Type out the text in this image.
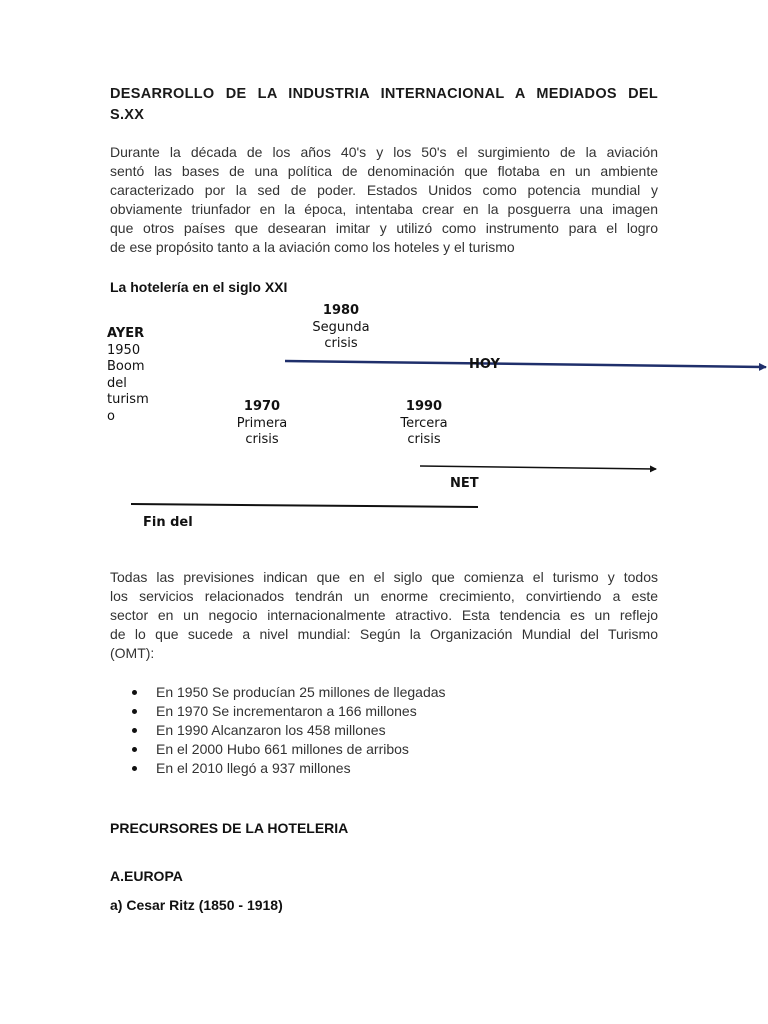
DESARROLLO DE LA INDUSTRIA INTERNACIONAL A MEDIADOS DEL
S.XX
Durante la década de los años 40's y los 50's el surgimiento de la aviación
sentó las bases de una política de denominación que flotaba en un ambiente
caracterizado por la sed de poder. Estados Unidos como potencia mundial y
obviamente triunfador en la época, intentaba crear en la posguerra una imagen
que otros países que desearan imitar y utilizó como instrumento para el logro
de ese propósito tanto a la aviación como los hoteles y el turismo
La hotelería en el siglo XXI
AYER
1950
Boom
del
turism
o
1980
Segunda
crisis
1970
Primera
crisis
1990
Tercera
crisis
HOY
NET
Fin del
Todas las previsiones indican que en el siglo que comienza el turismo y todos
los servicios relacionados tendrán un enorme crecimiento, convirtiendo a este
sector en un negocio internacionalmente atractivo. Esta tendencia es un reflejo
de lo que sucede a nivel mundial: Según la Organización Mundial del Turismo
(OMT):
En 1950 Se producían 25 millones de llegadas
En 1970 Se incrementaron a 166 millones
En 1990 Alcanzaron los 458 millones
En el 2000 Hubo 661 millones de arribos
En el 2010 llegó a 937 millones
PRECURSORES DE LA HOTELERIA
A.EUROPA
a) Cesar Ritz (1850 - 1918)
